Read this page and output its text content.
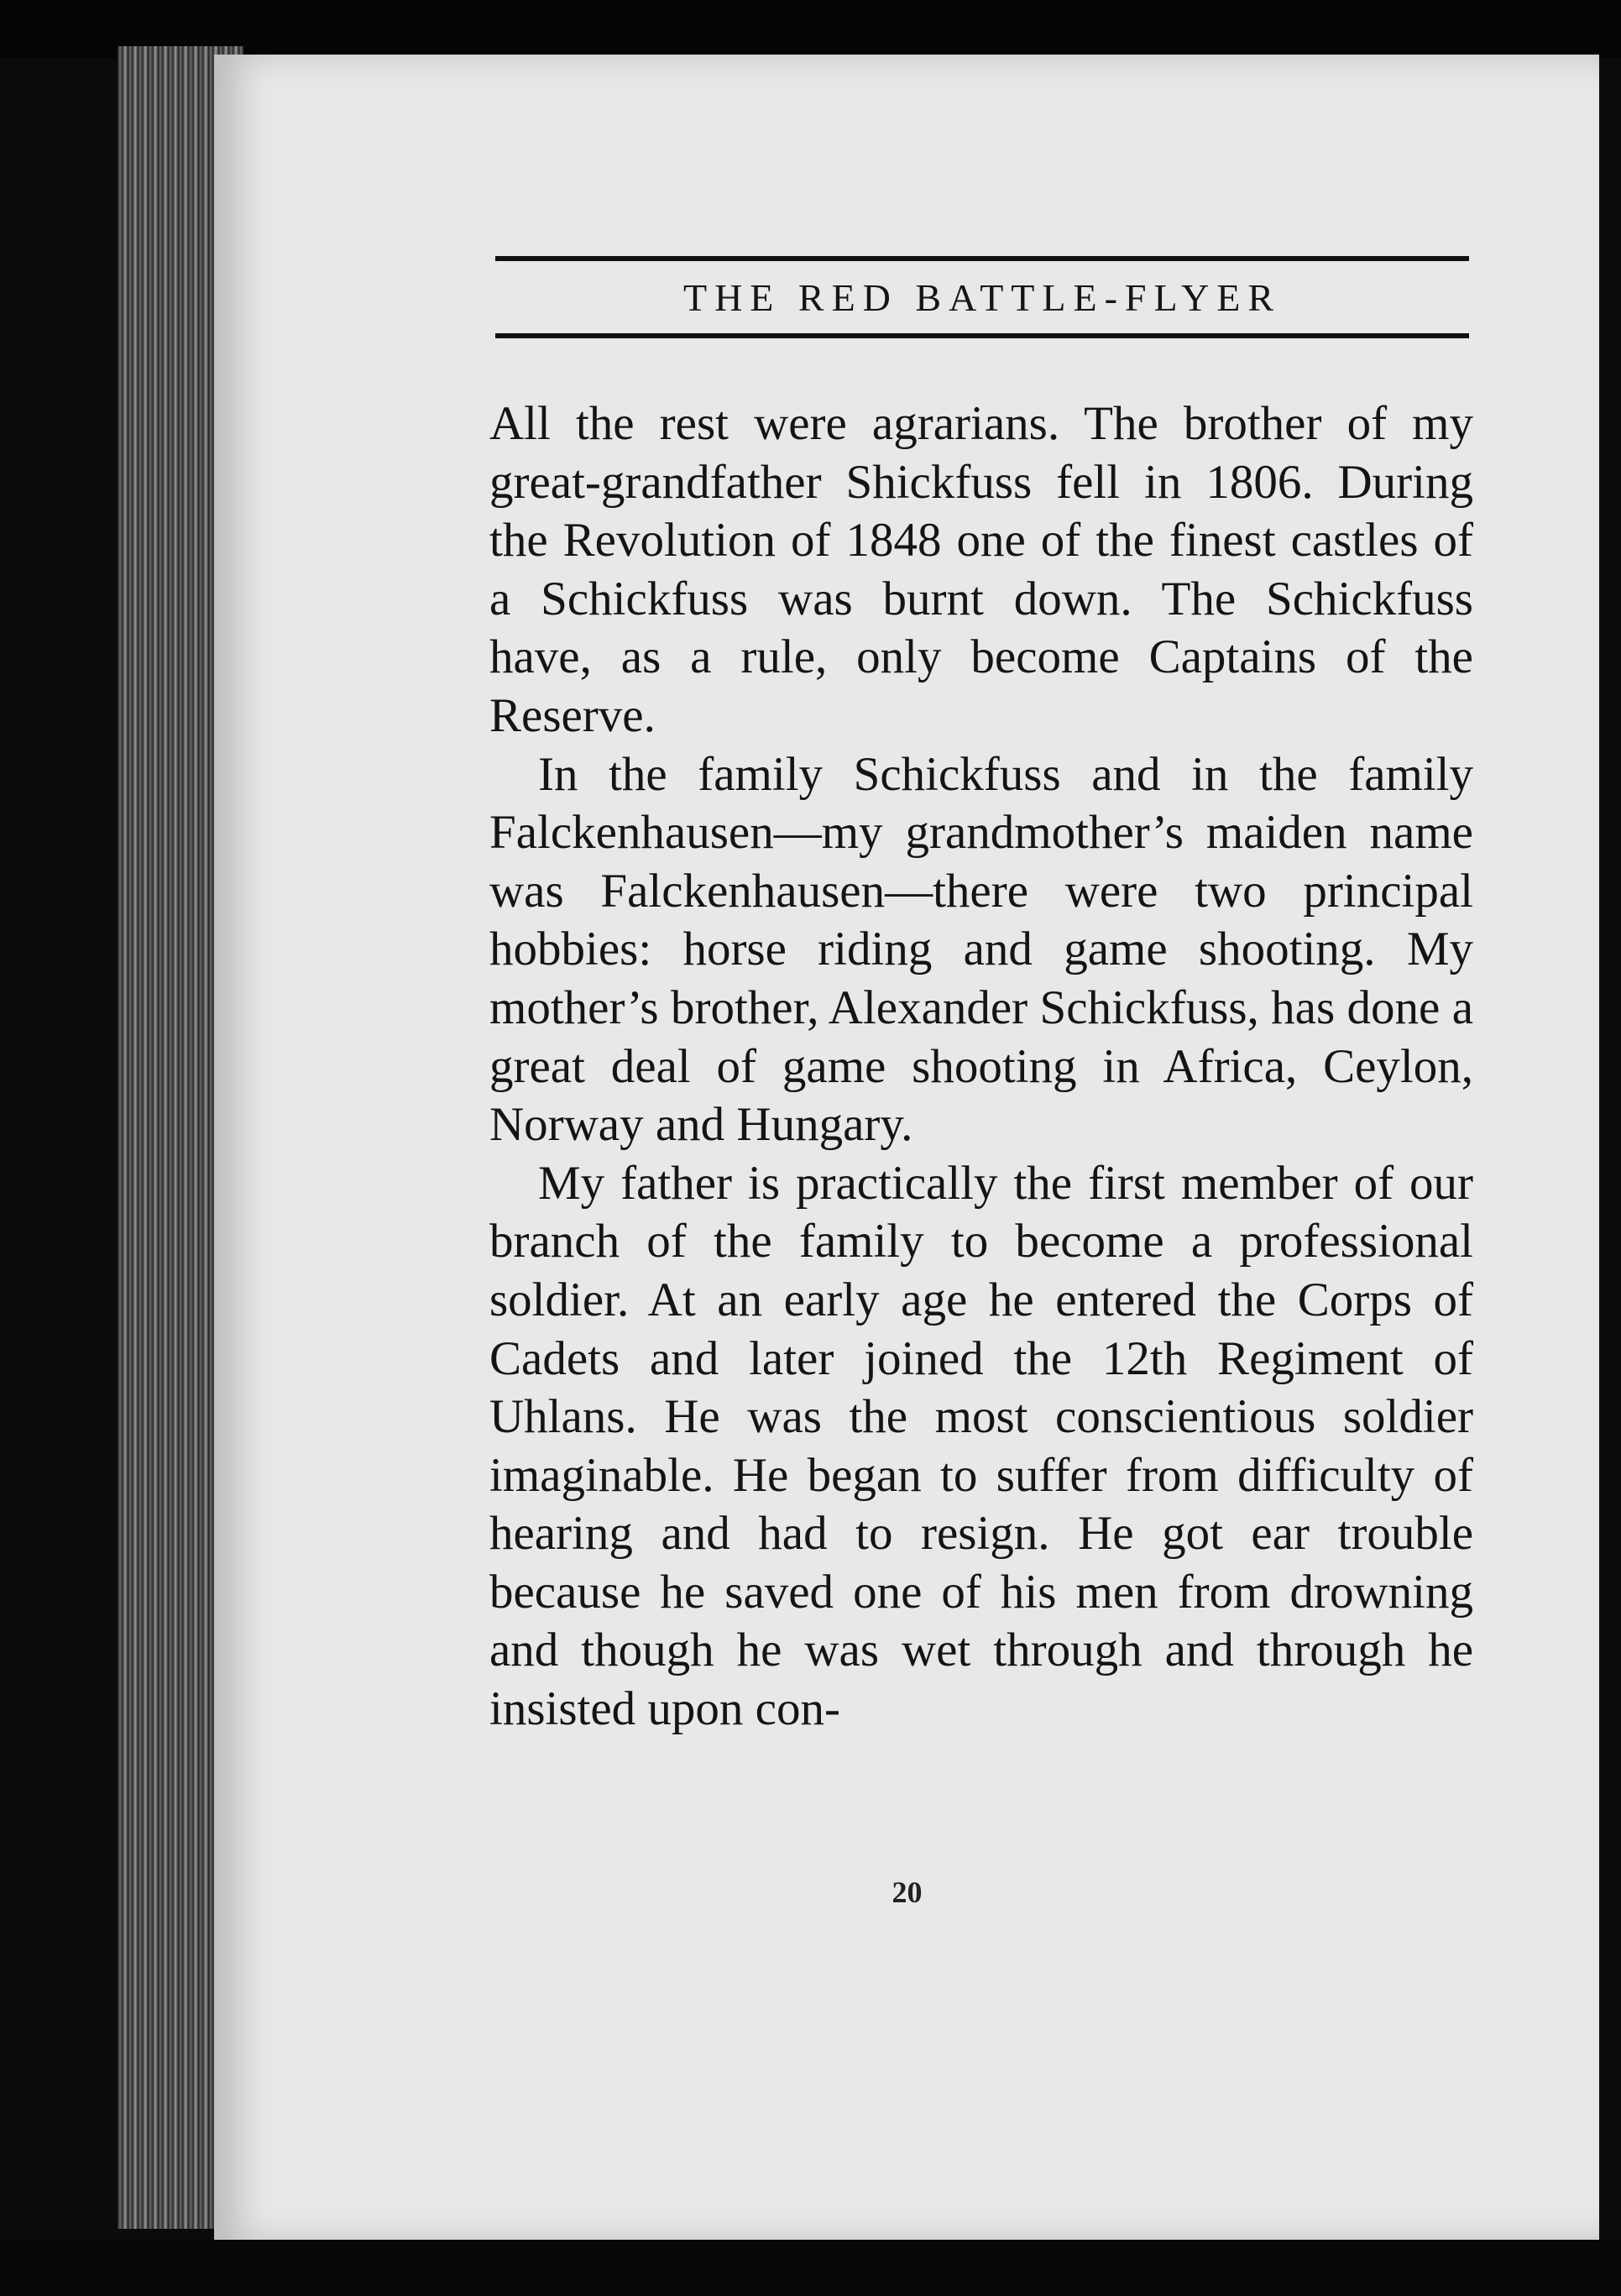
THE RED BATTLE-FLYER

All the rest were agrarians. The brother of my great-grandfather Shickfuss fell in 1806. During the Revolution of 1848 one of the finest castles of a Schickfuss was burnt down. The Schickfuss have, as a rule, only become Captains of the Reserve.

In the family Schickfuss and in the family Falckenhausen—my grandmother’s maiden name was Falckenhausen—there were two principal hobbies: horse riding and game shooting. My mother’s brother, Alexander Schickfuss, has done a great deal of game shooting in Africa, Ceylon, Norway and Hungary.

My father is practically the first member of our branch of the family to become a professional soldier. At an early age he entered the Corps of Cadets and later joined the 12th Regiment of Uhlans. He was the most conscientious soldier imaginable. He began to suffer from difficulty of hearing and had to resign. He got ear trouble because he saved one of his men from drowning and though he was wet through and through he insisted upon con-

20
